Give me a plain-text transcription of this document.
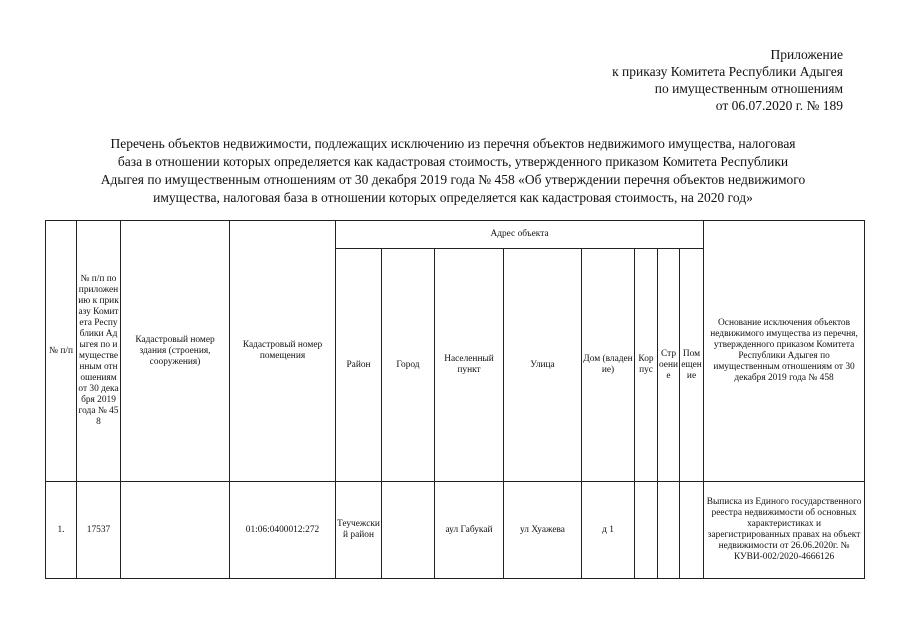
Приложение
к приказу Комитета Республики Адыгея
по имущественным отношениям
от 06.07.2020 г. № 189
Перечень объектов недвижимости, подлежащих исключению из перечня объектов недвижимого имущества, налоговая
база в отношении которых определяется как кадастровая стоимость, утвержденного приказом Комитета Республики
Адыгея по имущественным отношениям от 30 декабря 2019 года № 458 «Об утверждении перечня объектов недвижимого
имущества, налоговая база в отношении которых определяется как кадастровая стоимость, на 2020 год»
№ п/п	№ п/п по приложению к приказу Комитета Республики Адыгея по имущественным отношениям от 30 декабря 2019 года № 458	Кадастровый номер здания (строения, сооружения)	Кадастровый номер помещения	Адрес объекта								Основание исключения объектов недвижимого имущества из перечня, утвержденного приказом Комитета Республики Адыгея по имущественным отношениям от 30 декабря 2019 года № 458
				Район	Город	Населенный пункт	Улица	Дом (владение)	Корпус	Строение	Помещение	
1.	17537		01:06:0400012:272	Теучежский район		аул Габукай	ул Хуажева	д 1				Выписка из Единого государственного реестра недвижимости об основных характеристиках и зарегистрированных правах на объект недвижимости от 26.06.2020г. № КУВИ-002/2020-4666126
